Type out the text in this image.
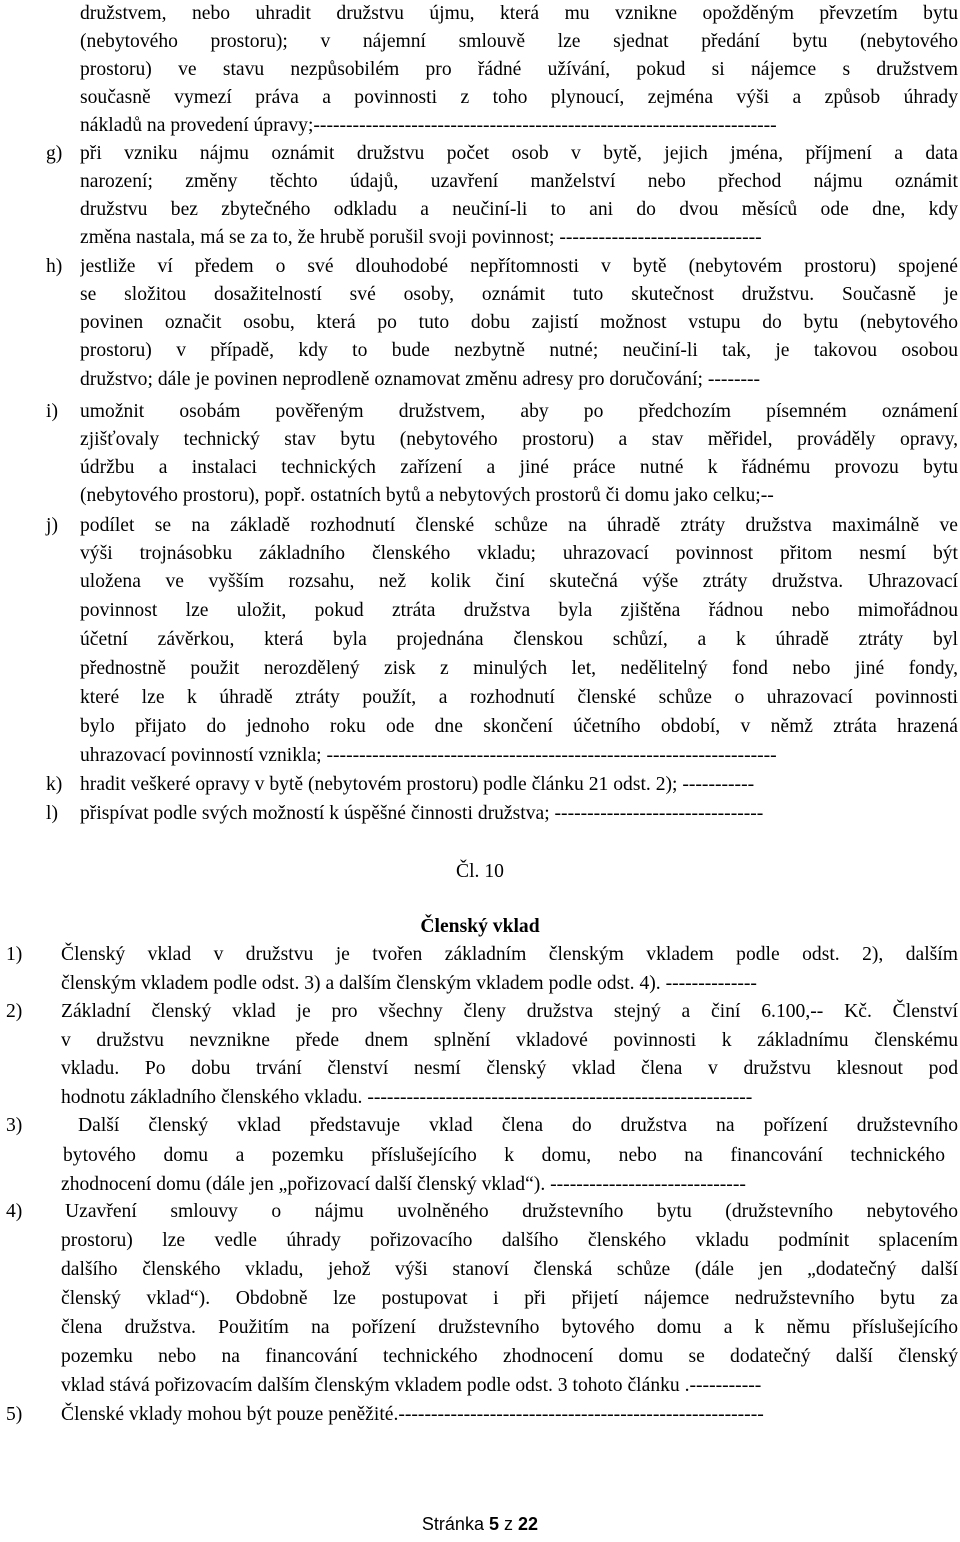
družstvem, nebo uhradit družstvu újmu, která mu vznikne opožděným převzetím bytu
(nebytového prostoru); v nájemní smlouvě lze sjednat předání bytu (nebytového
prostoru) ve stavu nezpůsobilém pro řádné užívání, pokud si nájemce s družstvem
současně vymezí práva a povinnosti z toho plynoucí, zejména výši a způsob úhrady
nákladů na provedení úpravy;-----------------------------------------------------------------------
g) při vzniku nájmu oznámit družstvu počet osob v bytě, jejich jména, příjmení a data
narození; změny těchto údajů, uzavření manželství nebo přechod nájmu oznámit
družstvu bez zbytečného odkladu a neučiní-li to ani do dvou měsíců ode dne, kdy
změna nastala, má se za to, že hrubě porušil svoji povinnost; -------------------------------
h) jestliže ví předem o své dlouhodobé nepřítomnosti v bytě (nebytovém prostoru) spojené
se složitou dosažitelností své osoby, oznámit tuto skutečnost družstvu. Současně je
povinen označit osobu, která po tuto dobu zajistí možnost vstupu do bytu (nebytového
prostoru) v případě, kdy to bude nezbytně nutné; neučiní-li tak, je takovou osobou
družstvo; dále je povinen neprodleně oznamovat změnu adresy pro doručování; --------
i) umožnit osobám pověřeným družstvem, aby po předchozím písemném oznámení
zjišťovaly technický stav bytu (nebytového prostoru) a stav měřidel, prováděly opravy,
údržbu a instalaci technických zařízení a jiné práce nutné k řádnému provozu bytu
(nebytového prostoru), popř. ostatních bytů a nebytových prostorů či domu jako celku;--
j) podílet se na základě rozhodnutí členské schůze na úhradě ztráty družstva maximálně ve
výši trojnásobku základního členského vkladu; uhrazovací povinnost přitom nesmí být
uložena ve vyšším rozsahu, než kolik činí skutečná výše ztráty družstva. Uhrazovací
povinnost lze uložit, pokud ztráta družstva byla zjištěna řádnou nebo mimořádnou
účetní závěrkou, která byla projednána členskou schůzí, a k úhradě ztráty byl
přednostně použit nerozdělený zisk z minulých let, nedělitelný fond nebo jiné fondy,
které lze k úhradě ztráty použít, a rozhodnutí členské schůze o uhrazovací povinnosti
bylo přijato do jednoho roku ode dne skončení účetního období, v němž ztráta hrazená
uhrazovací povinností vznikla; ---------------------------------------------------------------------
k) hradit veškeré opravy v bytě (nebytovém prostoru) podle článku 21 odst. 2); -----------
l) přispívat podle svých možností k úspěšné činnosti družstva; --------------------------------
Čl. 10
Členský vklad
1) Členský vklad v družstvu je tvořen základním členským vkladem podle odst. 2), dalším
členským vkladem podle odst. 3) a dalším členským vkladem podle odst. 4). --------------
2) Základní členský vklad je pro všechny členy družstva stejný a činí 6.100,-- Kč. Členství
v družstvu nevznikne přede dnem splnění vkladové povinnosti k základnímu členskému
vkladu. Po dobu trvání členství nesmí členský vklad člena v družstvu klesnout pod
hodnotu základního členského vkladu. -----------------------------------------------------------
3)	Další členský vklad představuje vklad člena do družstva na pořízení družstevního
bytového domu a pozemku příslušejícího k domu, nebo na financování technického
zhodnocení domu (dále jen „pořizovací další členský vklad“). ------------------------------
4) Uzavření smlouvy o nájmu uvolněného družstevního bytu (družstevního nebytového
prostoru) lze vedle úhrady pořizovacího dalšího členského vkladu podmínit splacením
dalšího členského vkladu, jehož výši stanoví členská schůze (dále jen „dodatečný další
členský vklad“). Obdobně lze postupovat i při přijetí nájemce nedružstevního bytu za
člena družstva. Použitím na pořízení družstevního bytového domu a k němu příslušejícího
pozemku nebo na financování technického zhodnocení domu se dodatečný další členský
vklad stává pořizovacím dalším členským vkladem podle odst. 3 tohoto článku .-----------
5) Členské vklady mohou být pouze peněžité.--------------------------------------------------------
Stránka 5 z 22
